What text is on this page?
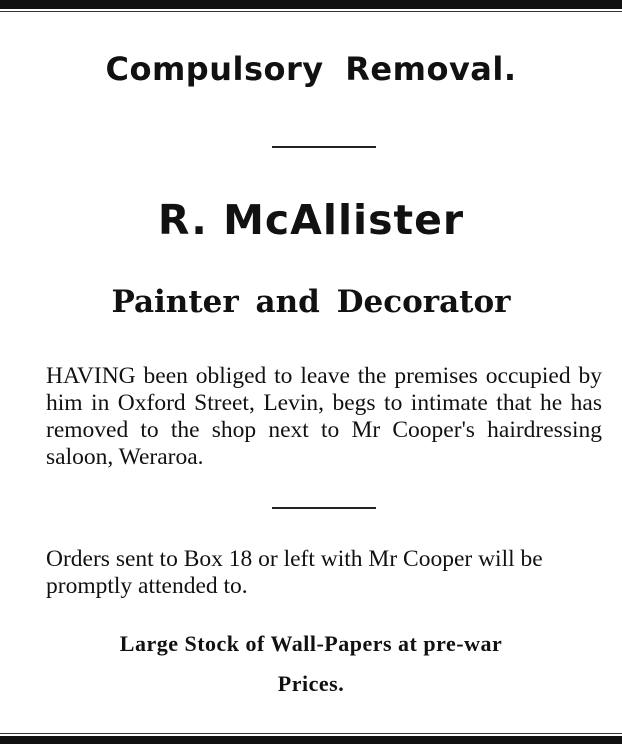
Compulsory Removal.
R. McAllister
Painter and Decorator
HAVING been obliged to leave the premises occupied by him in Oxford Street, Levin, begs to intimate that he has removed to the shop next to Mr Cooper's hairdressing saloon, Weraroa.
Orders sent to Box 18 or left with Mr Cooper will be promptly attended to.
Large Stock of Wall-Papers at pre-war
Prices.
